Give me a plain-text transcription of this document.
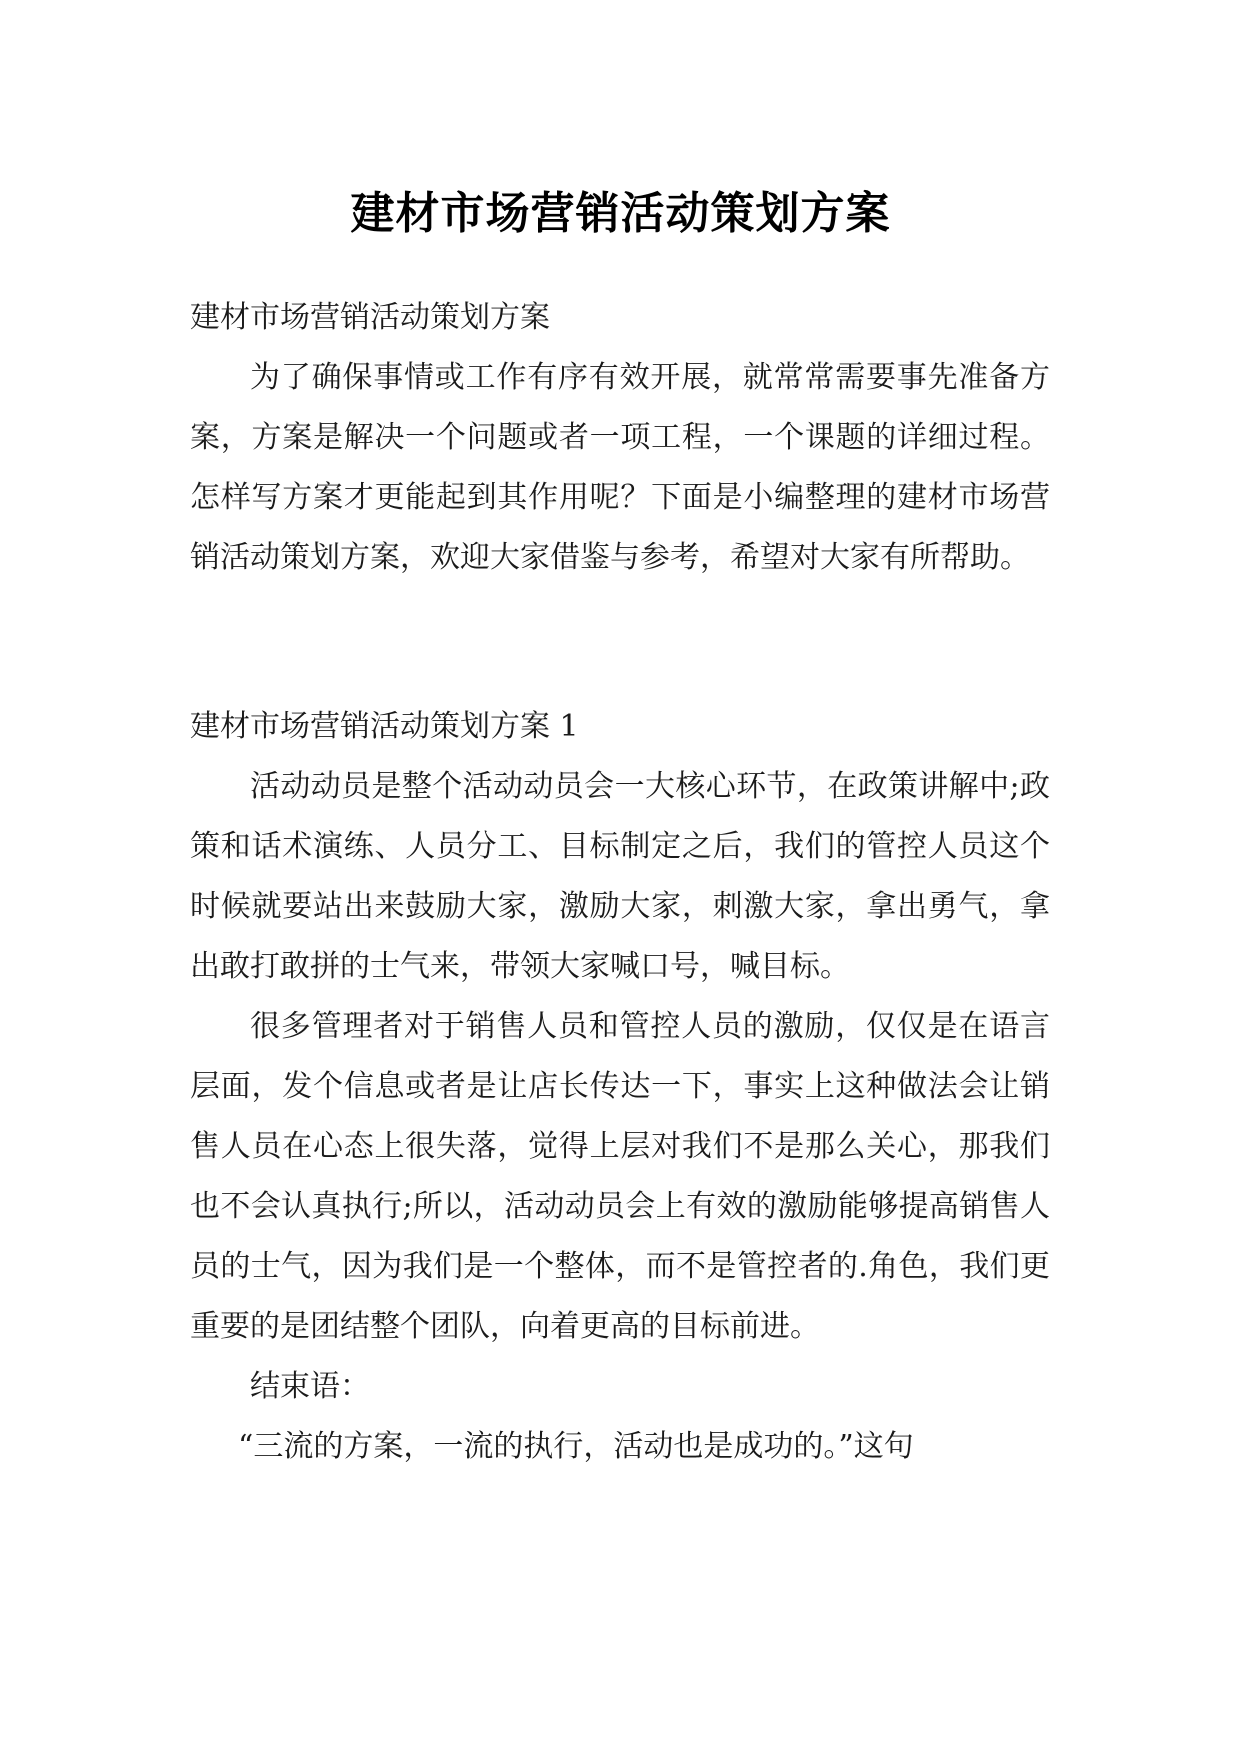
建材市场营销活动策划方案

建材市场营销活动策划方案

为了确保事情或工作有序有效开展，就常常需要事先准备方案，方案是解决一个问题或者一项工程，一个课题的详细过程。怎样写方案才更能起到其作用呢？下面是小编整理的建材市场营销活动策划方案，欢迎大家借鉴与参考，希望对大家有所帮助。

建材市场营销活动策划方案 1

活动动员是整个活动动员会一大核心环节，在政策讲解中;政策和话术演练、人员分工、目标制定之后，我们的管控人员这个时候就要站出来鼓励大家，激励大家，刺激大家，拿出勇气，拿出敢打敢拼的士气来，带领大家喊口号，喊目标。

很多管理者对于销售人员和管控人员的激励，仅仅是在语言层面，发个信息或者是让店长传达一下，事实上这种做法会让销售人员在心态上很失落，觉得上层对我们不是那么关心，那我们也不会认真执行;所以，活动动员会上有效的激励能够提高销售人员的士气，因为我们是一个整体，而不是管控者的.角色，我们更重要的是团结整个团队，向着更高的目标前进。

结束语：

“三流的方案，一流的执行，活动也是成功的。”这句
